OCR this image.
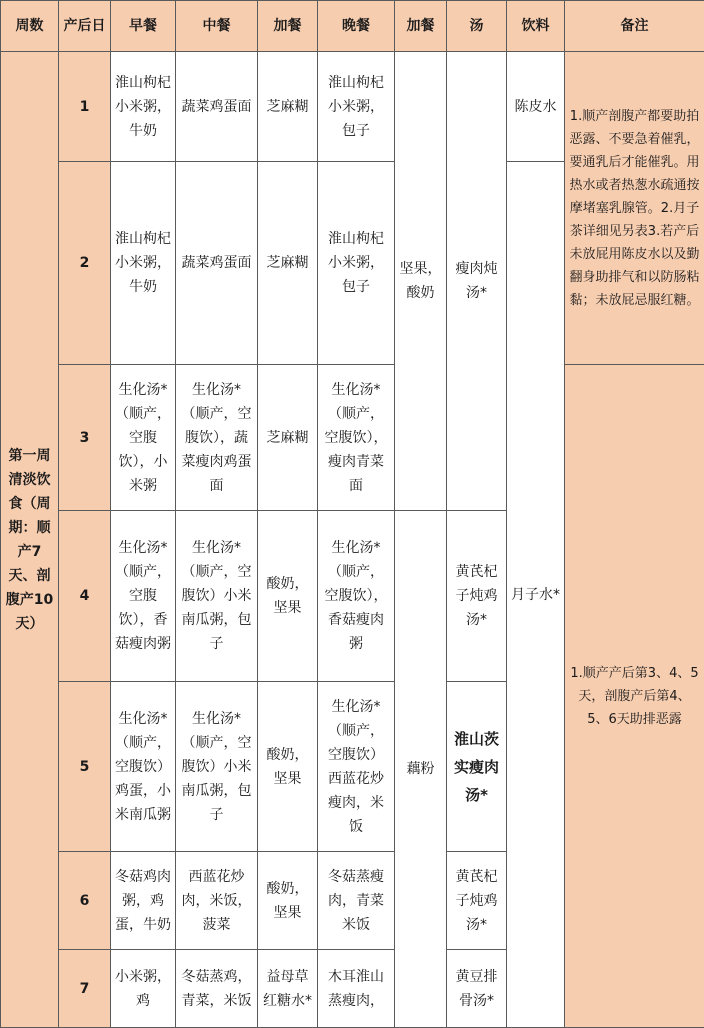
周数	产后日	早餐	中餐	加餐	晚餐	加餐	汤	饮料	备注
第一周清淡饮食（周期：顺产7天、剖腹产10天）	1	淮山枸杞小米粥，牛奶	蔬菜鸡蛋面	芝麻糊	淮山枸杞小米粥，包子	坚果，酸奶	瘦肉炖汤*	陈皮水	1.顺产剖腹产都要助拍恶露、不要急着催乳，要通乳后才能催乳。用热水或者热葱水疏通按摩堵塞乳腺管。2.月子茶详细见另表3.若产后未放屁用陈皮水以及勤翻身助排气和以防肠粘黏；未放屁忌服红糖。
	2	淮山枸杞小米粥，牛奶	蔬菜鸡蛋面	芝麻糊	淮山枸杞小米粥，包子			月子水*	
	3	生化汤*（顺产，空腹饮），小米粥	生化汤*（顺产，空腹饮），蔬菜瘦肉鸡蛋面	芝麻糊	生化汤*（顺产，空腹饮），瘦肉青菜面				1.顺产产后第3、4、5天，剖腹产后第4、5、6天助排恶露
	4	生化汤*（顺产，空腹饮），香菇瘦肉粥	生化汤*（顺产，空腹饮）小米南瓜粥，包子	酸奶，坚果	生化汤*（顺产，空腹饮），香菇瘦肉粥	藕粉	黄芪杞子炖鸡汤*		
	5	生化汤*（顺产，空腹饮）鸡蛋，小米南瓜粥	生化汤*（顺产，空腹饮）小米南瓜粥，包子	酸奶，坚果	生化汤*（顺产，空腹饮）西蓝花炒瘦肉，米饭		淮山茨实瘦肉汤*		
	6	冬菇鸡肉粥，鸡蛋，牛奶	西蓝花炒肉，米饭，菠菜	酸奶，坚果	冬菇蒸瘦肉，青菜米饭		黄芪杞子炖鸡汤*		
	7	小米粥，鸡	冬菇蒸鸡，青菜，米饭	益母草红糖水*	木耳淮山蒸瘦肉，		黄豆排骨汤*		
